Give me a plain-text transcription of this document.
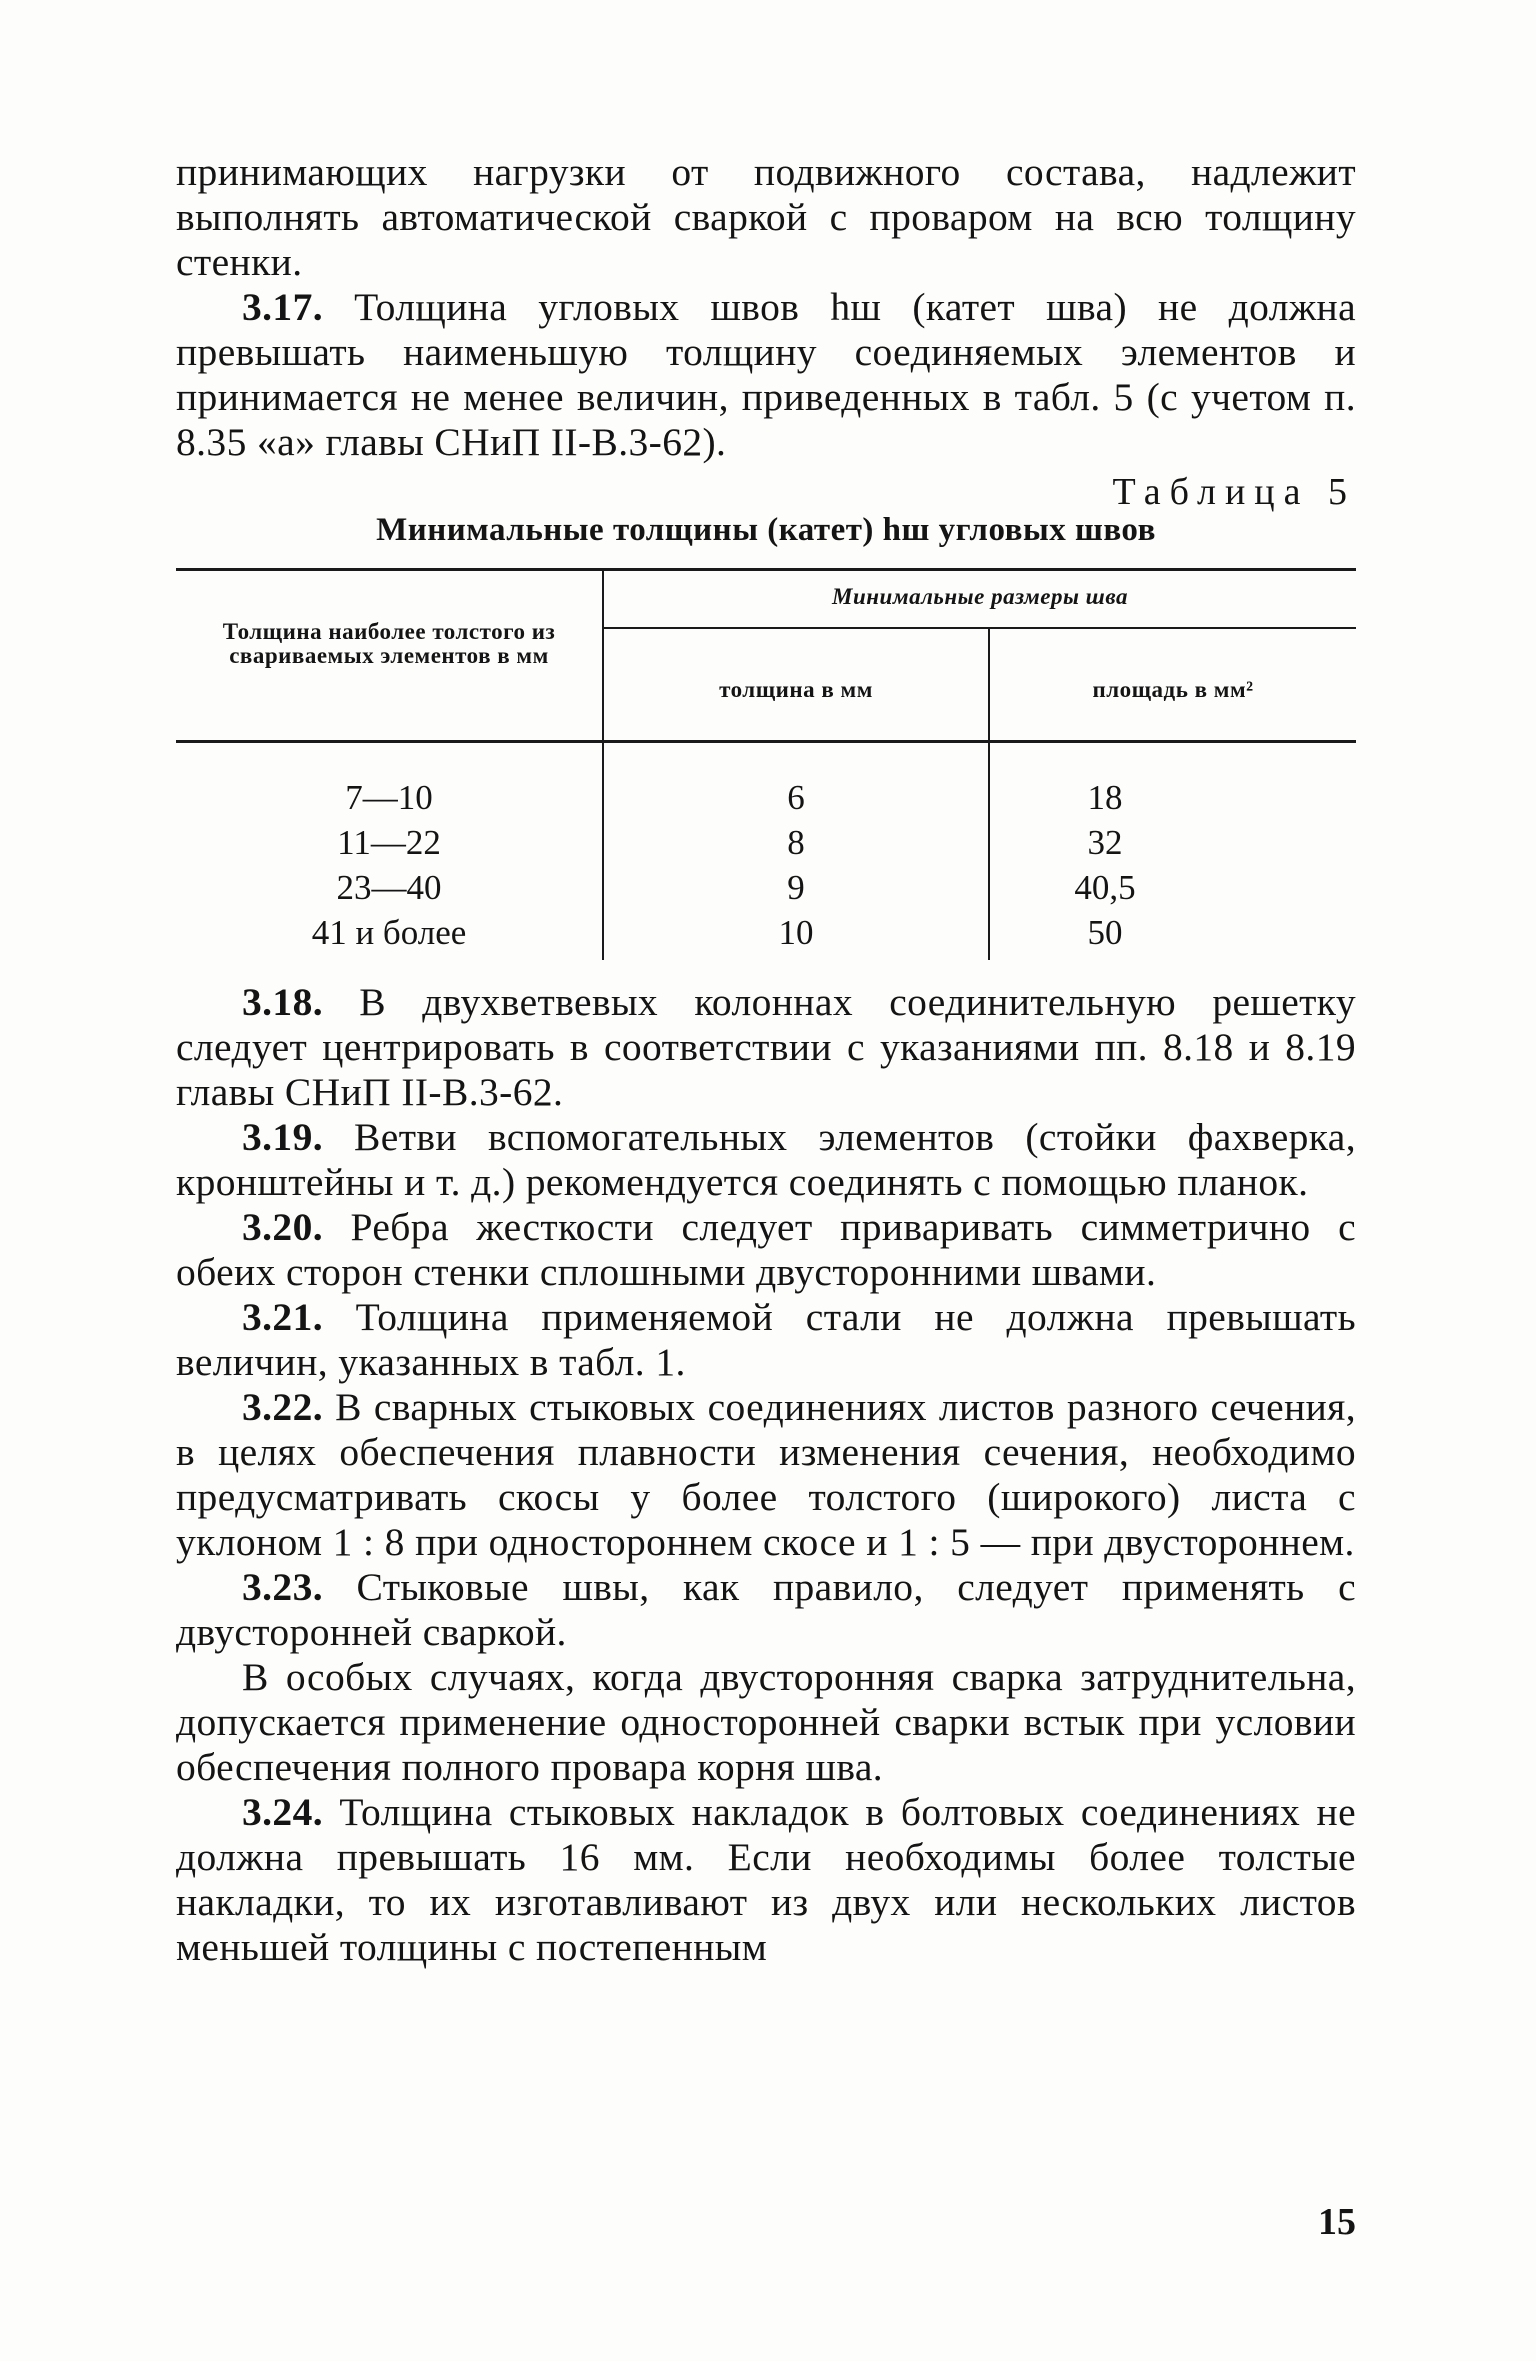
принимающих нагрузки от подвижного состава, надлежит выполнять автоматической сваркой с проваром на всю толщину стенки.

3.17. Толщина угловых швов hш (катет шва) не должна превышать наименьшую толщину соединяемых элементов и принимается не менее величин, приведенных в табл. 5 (с учетом п. 8.35 «а» главы СНиП II-В.3-62).

Таблица 5
Минимальные толщины (катет) hш угловых швов
Толщина наиболее толстого из свариваемых элементов в мм
Минимальные размеры шва
толщина в мм	площадь в мм²
7—10	6	18
11—22	8	32
23—40	9	40,5
41 и более	10	50

3.18. В двухветвевых колоннах соединительную решетку следует центрировать в соответствии с указаниями пп. 8.18 и 8.19 главы СНиП II-В.3-62.

3.19. Ветви вспомогательных элементов (стойки фахверка, кронштейны и т. д.) рекомендуется соединять с помощью планок.

3.20. Ребра жесткости следует приваривать симметрично с обеих сторон стенки сплошными двусторонними швами.

3.21. Толщина применяемой стали не должна превышать величин, указанных в табл. 1.

3.22. В сварных стыковых соединениях листов разного сечения, в целях обеспечения плавности изменения сечения, необходимо предусматривать скосы у более толстого (широкого) листа с уклоном 1 : 8 при одностороннем скосе и 1 : 5 — при двустороннем.

3.23. Стыковые швы, как правило, следует применять с двусторонней сваркой.

В особых случаях, когда двусторонняя сварка затруднительна, допускается применение односторонней сварки встык при условии обеспечения полного провара корня шва.

3.24. Толщина стыковых накладок в болтовых соединениях не должна превышать 16 мм. Если необходимы более толстые накладки, то их изготавливают из двух или нескольких листов меньшей толщины с постепенным

15
